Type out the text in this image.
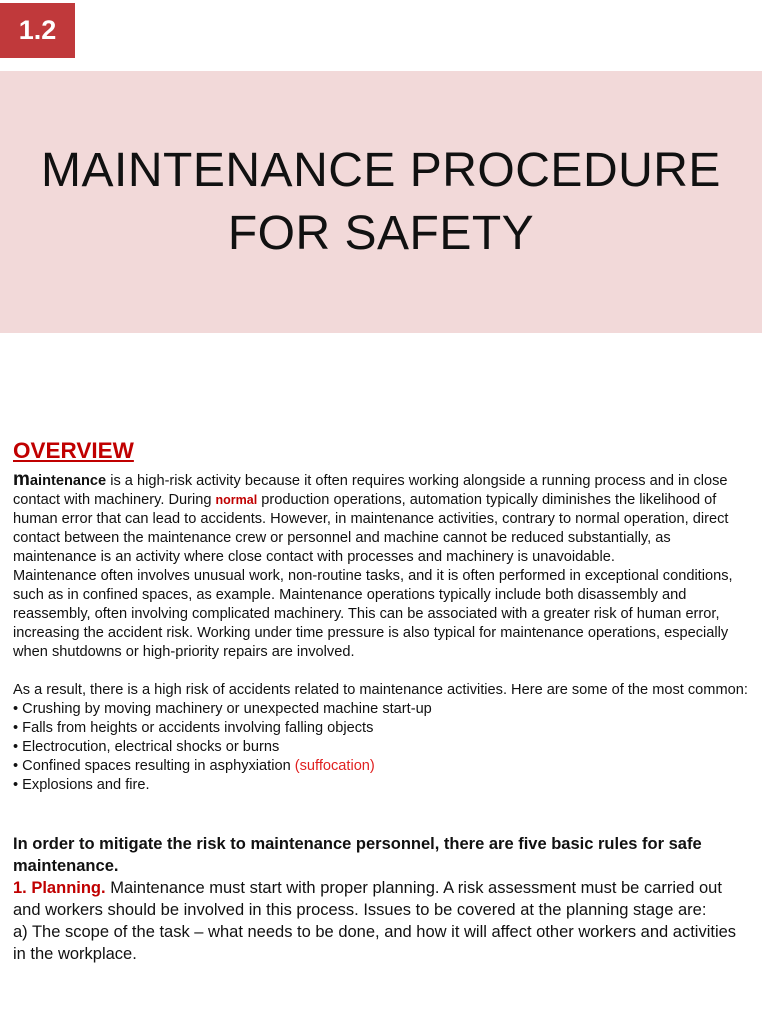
1.2
MAINTENANCE PROCEDURE
FOR SAFETY
OVERVIEW

maintenance is a high-risk activity because it often requires working alongside a running process and in close contact with machinery. During normal production operations, automation typically diminishes the likelihood of human error that can lead to accidents. However, in maintenance activities, contrary to normal operation, direct contact between the maintenance crew or personnel and machine cannot be reduced substantially, as maintenance is an activity where close contact with processes and machinery is unavoidable.

Maintenance often involves unusual work, non-routine tasks, and it is often performed in exceptional conditions, such as in confined spaces, as example. Maintenance operations typically include both disassembly and reassembly, often involving complicated machinery. This can be associated with a greater risk of human error, increasing the accident risk. Working under time pressure is also typical for maintenance operations, especially when shutdowns or high-priority repairs are involved.

As a result, there is a high risk of accidents related to maintenance activities. Here are some of the most common:

• Crushing by moving machinery or unexpected machine start-up
• Falls from heights or accidents involving falling objects
• Electrocution, electrical shocks or burns
• Confined spaces resulting in asphyxiation (suffocation)
• Explosions and fire.

In order to mitigate the risk to maintenance personnel, there are five basic rules for safe maintenance.

1. Planning. Maintenance must start with proper planning. A risk assessment must be carried out and workers should be involved in this process. Issues to be covered at the planning stage are:

a) The scope of the task – what needs to be done, and how it will affect other workers and activities in the workplace.
